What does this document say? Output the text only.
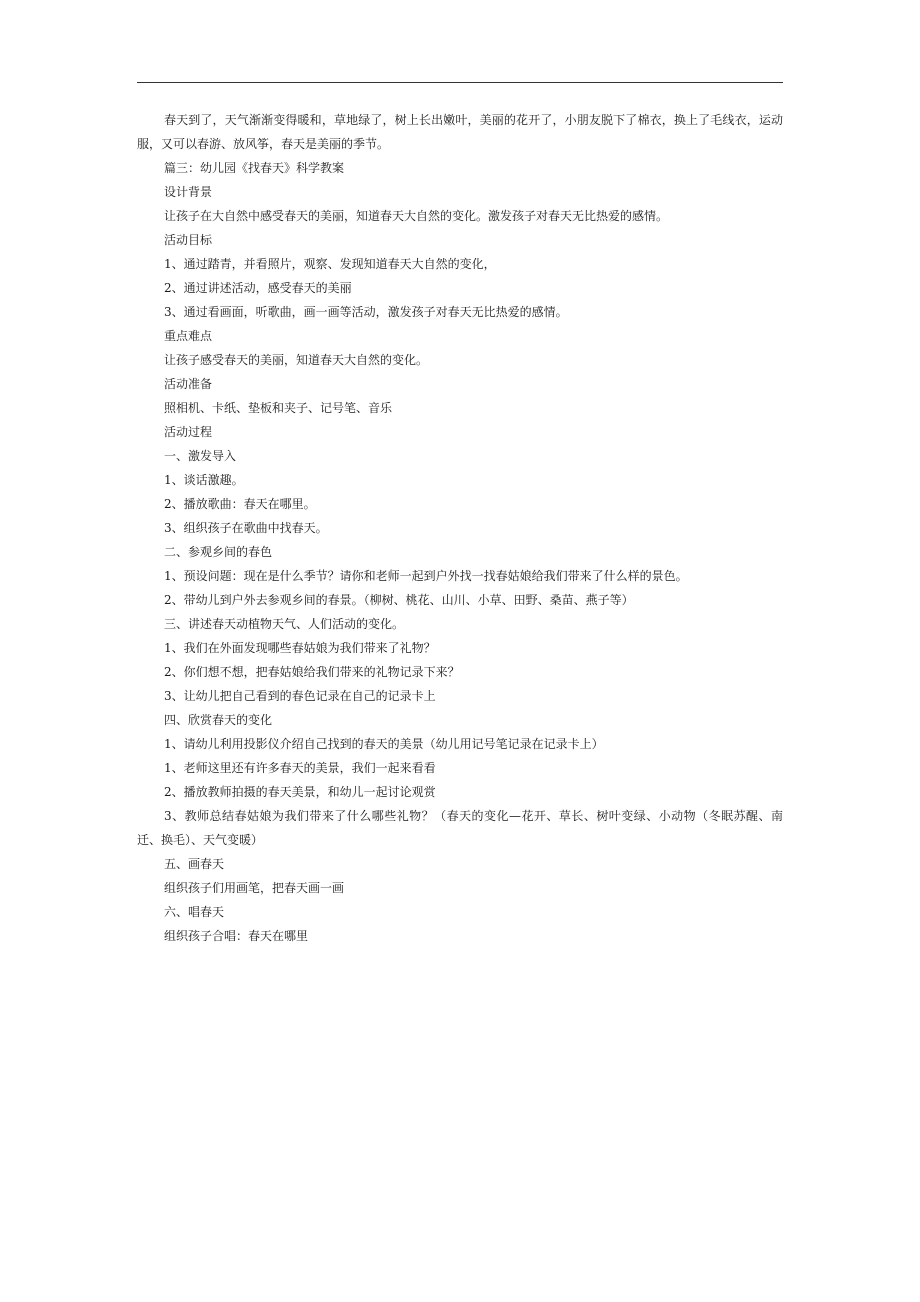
春天到了，天气渐渐变得暖和，草地绿了，树上长出嫩叶，美丽的花开了，小朋友脱下了棉衣，换上了毛线衣，运动服，又可以春游、放风筝，春天是美丽的季节。

篇三：幼儿园《找春天》科学教案

设计背景

让孩子在大自然中感受春天的美丽，知道春天大自然的变化。激发孩子对春天无比热爱的感情。

活动目标

1、通过踏青，并看照片，观察、发现知道春天大自然的变化，

2、通过讲述活动，感受春天的美丽

3、通过看画面，听歌曲，画一画等活动，激发孩子对春天无比热爱的感情。

重点难点

让孩子感受春天的美丽，知道春天大自然的变化。

活动准备

照相机、卡纸、垫板和夹子、记号笔、音乐

活动过程

一、激发导入

1、谈话激趣。

2、播放歌曲：春天在哪里。

3、组织孩子在歌曲中找春天。

二、参观乡间的春色

1、预设问题：现在是什么季节？请你和老师一起到户外找一找春姑娘给我们带来了什么样的景色。

2、带幼儿到户外去参观乡间的春景。（柳树、桃花、山川、小草、田野、桑苗、燕子等）

三、讲述春天动植物天气、人们活动的变化。

1、我们在外面发现哪些春姑娘为我们带来了礼物？

2、你们想不想，把春姑娘给我们带来的礼物记录下来？

3、让幼儿把自己看到的春色记录在自己的记录卡上

四、欣赏春天的变化

1、请幼儿利用投影仪介绍自己找到的春天的美景（幼儿用记号笔记录在记录卡上）

1、老师这里还有许多春天的美景，我们一起来看看

2、播放教师拍摄的春天美景，和幼儿一起讨论观赏

3、教师总结春姑娘为我们带来了什么哪些礼物？（春天的变化—花开、草长、树叶变绿、小动物（冬眠苏醒、南迁、换毛）、天气变暖）

五、画春天

组织孩子们用画笔，把春天画一画

六、唱春天

组织孩子合唱：春天在哪里
